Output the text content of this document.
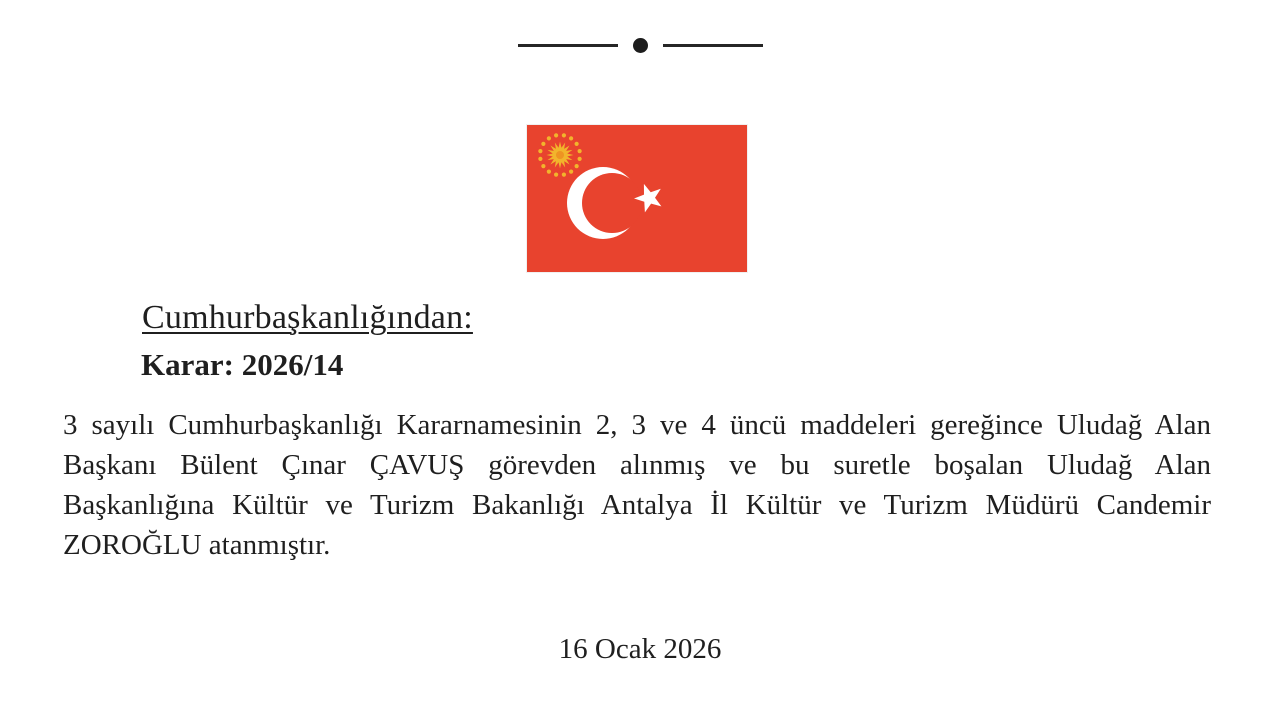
Cumhurbaşkanlığından:
Karar: 2026/14
3 sayılı Cumhurbaşkanlığı Kararnamesinin 2, 3 ve 4 üncü maddeleri gereğince Uludağ Alan
Başkanı Bülent Çınar ÇAVUŞ görevden alınmış ve bu suretle boşalan Uludağ Alan
Başkanlığına Kültür ve Turizm Bakanlığı Antalya İl Kültür ve Turizm Müdürü Candemir
ZOROĞLU atanmıştır.
16 Ocak 2026
